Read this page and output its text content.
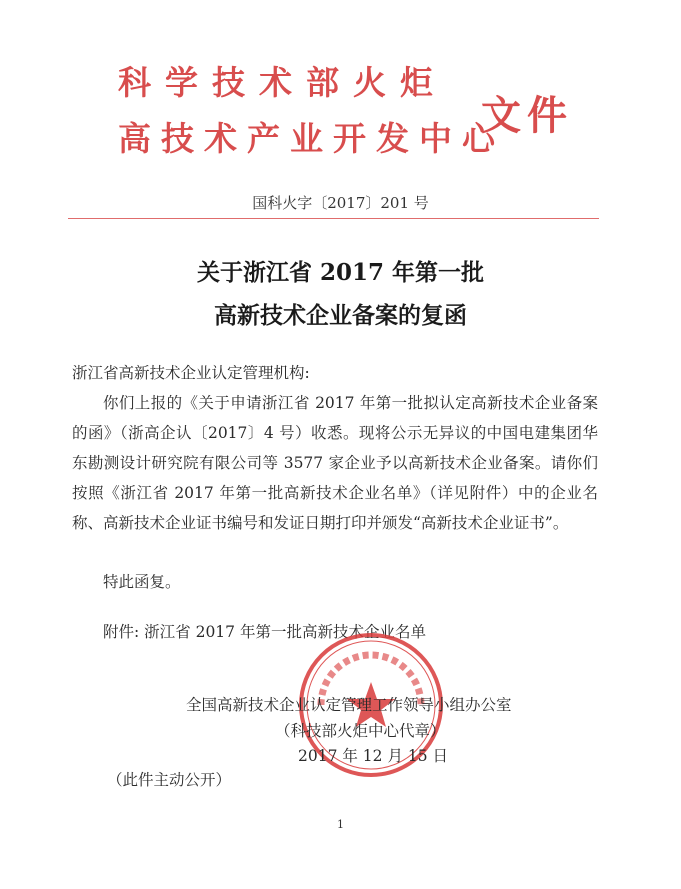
科学技术部火炬
高技术产业开发中心
文件
国科火字〔2017〕201 号
关于浙江省 2017 年第一批
高新技术企业备案的复函
浙江省高新技术企业认定管理机构:
你们上报的《关于申请浙江省 2017 年第一批拟认定高新技术企业备案的函》（浙高企认〔2017〕4 号）收悉。现将公示无异议的中国电建集团华东勘测设计研究院有限公司等 3577 家企业予以高新技术企业备案。请你们按照《浙江省 2017 年第一批高新技术企业名单》（详见附件）中的企业名称、高新技术企业证书编号和发证日期打印并颁发“高新技术企业证书”。
特此函复。
附件: 浙江省 2017 年第一批高新技术企业名单
全国高新技术企业认定管理工作领导小组办公室
（科技部火炬中心代章）
2017 年 12 月 15 日
（此件主动公开）
1
